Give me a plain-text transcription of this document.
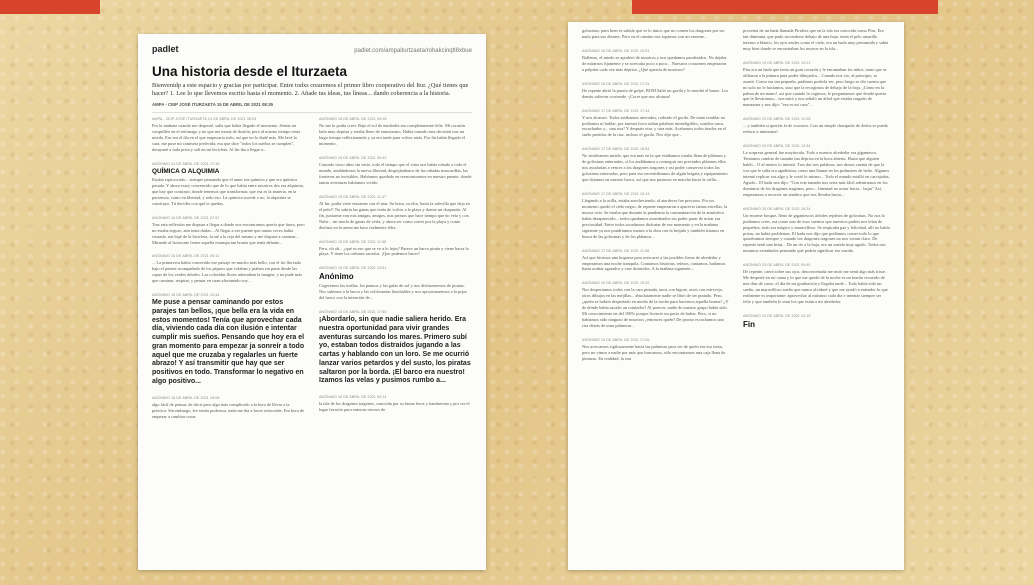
padlet	padlet.com/ampaiturtzaeta/rohakcinqtl8xbue
Una historia desde el Iturzaeta
Bienvenidp a este espacio y gracias por participar. Entre todxs crearemos el primer libro cooperativo del Itur. ¿Qué tienes que hacer? 1. Lee lo que llevemos escrito hasta el momento. 2. Añade tus ideas, tus líneas... dando coherencia a la historia.
AMPA - CEIP JOSÉ ITURZAETA 15 DE ABRIL DE 2021 08:35
AMPA - CEIP JOSÉ ITURZAETA 14 DE ABRIL DE 2021 08:03
Por la mañana cuando me desperté, salía que había llegado el momento. Sentía un cosquilleo en el estómago y no que me moría de ilusión, pero al mismo tiempo tenía miedo. Ese era el día en el que empezaría todo, así que no lo dudé más. Me lavé la cara, me puse mi camiseta preferida, esa que dice "todos los sueños se cumplen", desayuné a toda prisa y salí en mi bicicleta. Al fin iba a llegar a...
ANÓNIMO 14 DE ABRIL DE 2021 17:36
QUÍMICA O ALQUIMIA
Estaba equivocado... siempre pensando que el amor era química y que era química pasada. Y ahora estoy convencido que de lo que había entre nosotros dos era alquimia, que hay que construir, donde tenemos que transformar, que esa es la materia, en la paciencia, como en libertad, y todo eso. La química sucede o no, la alquimia se construye. Tú decides con qué te quedas.
ANÓNIMO 16 DE ABRIL DE 2021 07:57
Tras esta reflexión me dispuse a llegar a donde nos encontramos quería que fuera, pero no estaba seguro, aún tenía dudas... Al llegar a ese puente que tantas veces había cruzado, me bajé de la bicicleta, la até a la reja del mismo y me dispuse a caminar... Mirando al horizonte frente aquella estampa tan bonita que tenía delante...
ANÓNIMO 16 DE ABRIL DE 2021 09:11
... La primavera había convertido ese paisaje en mucho más bello, con el tío floreado bajo el puente acompañado de los pájaros que volaban y piaban sin parar desde las copas de los verdes árboles. Las coloridas flores adornaban la imagen, y no pude más que caminar, respirar, y pensar en cuan afortunado soy...
ANÓNIMO 16 DE ABRIL DE 2021 10:44
Me puse a pensar caminando por estos parajes tan bellos, ¡que bella era la vida en estos momentos! Tenía que aprovechar cada día, viviendo cada día con ilusión e intentar cumplir mis sueños. Pensando que hoy era el gran momento para empezar ja sonreír a todo aquel que me cruzaba y regalarles un fuerte abrazo! Y así transmitir que hay que ser positivos en todo. Transformar lo negativo en algo positivo...
ANÓNIMO 16 DE ABRIL DE 2021 18:08
algo fácil de pensar, de decir pero algo más complicado a la hora de llevar a la práctica. Sin embargo, lee sentía poderosa, nada me iba a hacer retroceder. Era hora de empezar a cambiar cosas
ANÓNIMO 15 DE ABRIL DE 2021 09:18
No me lo podía creer. Bajo el sol de mediodía era completamente feliz. Mi corazón latía muy deprisa y estaba lleno de entusiasmo. Había tomado esta decisión tras un largo tiempo reflexionando y ya era tarde para volver atrás. Por fin había llegado el momento.
ANÓNIMO 15 DE ABRIL DE 2021 09:42
Cansado cinco años sin verte, todo el tiempo que el virus nos había robado a todo el mundo, anulándonos la nueva libertad, despojándonos de las odiadas mascarillas, las fronteras no invisibles. Habíamos quedado en reencontrarnos en nuestro puente, donde tantas aventuras habíamos vivido.
ANÓNIMO 15 DE ABRIL DE 2021 11:37
Al fin, podía verte entrarme con el mar. Su brisa, su olor, hasta la salecilla que deja en el pelo!! No sabría las ganas que tenía de volver a la playa y darme un chapuzón. Al fin, juntarme con mis amigas, amigos, mis primos que hace tiempo que no veía y con Nube... mi morla de ganas de verla, y ahora ser como correr por la playa y como disfruta en la arena me hace realmente feliz.
ANÓNIMO 15 DE ABRIL DE 2021 11:58
Pero, oh oh... ¿qué es eso que se ve a lo lejos? Parece un barco pirata y viene hacia la playa. Y tiene los cañones sacados. ¡Que podemos hacer?
ANÓNIMO 15 DE ABRIL DE 2021 14:51
Anónimo
Cogeremos las toallas, los panuos y las gafas de sol y nos disfrazaremos de piratas. Nos subimos a la barca y las colchonetas hinchables y nos aproximaremos a la popa del barco con la intención de...
ANÓNIMO 15 DE ABRIL DE 2021 17:50
¡Abordarlo, sin que nadie saliera herido. Era nuestra oportunidad para vivir grandes aventuras surcando los mares. Primero subí yo, estaban todos distraídos jugando a las cartas y hablando con un loro. Se me ocurrió lanzar varios petardos y del susto, los piratas saltaron por la borda. ¡El barco era nuestro! Izamos las velas y pusimos rumbo a...
ANÓNIMO 16 DE ABRIL DE 2021 09:14
la isla de los dragones tragones, conocida por su fauna feroz y hambrienta y por ser el lugar favorito para enterrar tesoros de
golosinas; pues bien es sabido que es lo único que no comen los dragones por ser malo para sus dientes. Pero en el camino nos topamos con un enorme...
ANÓNIMO 16 DE ABRIL DE 2021 10:01
Ballenas, el miedo se apoderó de nosotros y nos quedamos paralizados. No dejaba de mirarnos fijamente y se acercaba poco a poco... Nuestros corazones empezaron a palpitar cada vez más deprisa. ¿Qué querría de nosotros?
ANÓNIMO 16 DE ABRIL DE 2021 17:24
De repente abrió la puerta de golpe. BOM Salió un gorila y le mordió el brazo. Los demás salieron corriendo -¡Corre que nos alcanza!
ANÓNIMO 17 DE ABRIL DE 2021 17:44
Y nos alcanzó. Todos estábamos aterrados, rodeado el gorila. De tanto temblar no podíamos ni hablar, por nuestra boca salían palabras ininteligibles, sonidos raros, escuchados y... una risa? Y después otra, y otra más. Acabamos todos tirados en el suelo partidos de la risa, incluso el gorila. Nos dijo que...
ANÓNIMO 17 DE ABRIL DE 2021 18:54
No sintiéramos miedo, que era más en la que estábamos estaba llena de plátanos y de golosinas enterradas, si los andábamos a conseguir sus preciados plátanos ellos nos ayudarían a vencer a los dragones tragones y así poder conservar todos las golosinas enterradas, pero para eso necesitábamos de algún brigata y equipamiento que dejamos en nuestro barco, así que nos pusimos en marcha hacia la orilla...
ANÓNIMO 17 DE ABRIL DE 2021 19:13
Llegando a la orilla, estaba anocheciendo, al atardecer fue precioso. Por un momento quedó el cielo negro, de repente empezaron a aparecer tantas estrellas, la mucsa veio. Se estaba que durante la pandemia la contaminación de la atmósfera había desaparecido... todos quedamos asombrados sin poder parar de mirar esa preciosidad. Entre todos acordamos disfrutar de ese momento y en la mañana siguiente ya nos pondríamos manos a la obra con la brújula y también iríamos en busca de las golosinas y de los plátanos...
ANÓNIMO 17 DE ABRIL DE 2021 11:08
Así que hicimos una hoguera para acercarse a las posibles fieras de alrededor y empezamos una noche tranquila. Contamos historias, reímos, cantamos, bailamos hasta acabar agotados y caer dormidos. A la mañana siguiente...
ANÓNIMO 19 DE ABRIL DE 2021 15:32
Nos despertamos todos con la cara pintada, unos con bigote, otros con estrecejo, otros dibujos en las mejillas... absolutamente nadie se libró de ser pintado. Pero, ¿quién se habría despertado en medio de la noche para hacernos aquella broma? ¿Y de dónde había sacado un rotulador? Al parecer, nadie de nuestro grupo había sido. Mi conocimiento en del 100% porque licencie un pacto de babas. Pero, si no habíamos sido ninguno de nosotros ¿entonces quién? De pronto escuchamos una risa detrás de unas palmeras...
ANÓNIMO 19 DE ABRIL DE 2021 17:55
Nos acercamos sigilosamente hacia las palmeras para ver de quién era esa risita, pero no vimos a nadie por más que buscamos, sólo encontramos una caja llena de pinturas. En realidad, la risa
provenía de un hada llamada Pirulera que en la isla era conocida como Piru. Era tan diminuta, que pudo esconderse debajo de una hoja. tenía el pelo amarillo intenso a blanco, los ojos azules como el cielo, era un hada muy presumida y sabía muy bien donde se encontraban los tesoros en la isla...
ANÓNIMO 19 DE ABRIL DE 2021 19:21
Piru era un hada que tenía un gran corazón y le encantaban los niños, tanto que se afiliaron a la pintura para poder dibujarlos... Cuando nos vio, al principio, se asustó. Como era tan pequeña, pudimos poderla ver, pero luego se dio cuenta que no solo no le hacíamos, sino que la recogimos de debajo de la hoja. ¡Cómo en la palma de mi mano!, así que cuando la cogimos, le preguntamos que donde quería que la lleváramos... nos miró y nos señaló un árbol que estaba cargado de manzanas y nos dijo: "esa es mi casa"...
ANÓNIMO 20 DE ABRIL DE 2021 12:08
... y también si queréis la de vosotros. Con un simple chasquido de dedos se puedo reducir a miniatura!
ANÓNIMO 20 DE ABRIL DE 2021 13:34
La sorpresa general fue mayúscula. Todo a nuestro alrededor era gigantesco. Teníamos cambio de tamaño tan deprisa en la boca abierta. Hasta que alguien habló... O al menos lo intentó. Tras dar tres palabras, nos dimos cuenta de que la voz que le salía era agudísima, como una llamar en los pulmones de helio. Algunos intentó replicar sus algo y le costó lo mismo... Todo el mundo estalló en carcajadas. Aguda... El hada nos dijo: "Con este tamaño nos sería más fácil adentrarnos en los dominios de los dragones tragones, pero... Intentad no mirar hacia... bajar" Así, empezamos a recorrer un sendero que nos llevaba hacia...
ANÓNIMO 20 DE ABRIL DE 2021 18:24
Un enorme bosque, lleno de gigantescos árboles repletos de golosinas. No nos lo podíamos creer, era como uno de esos cuentos que nuestros padres nos leían de pequeños, todo era mágico y maravilloso. Se respiraba paz y felicidad, allí no había prisas, no había problemas. El hada nos dijo que podíamos comer todo lo que quisiéramos siempre y cuando los dragones tragones no nos vieran claro. De repente sentí una brisa... De un tío a la hoja, era un sonido muy agudo. Todos nos miramos extrañados pensando qué podría significar ese sonido.
ANÓNIMO 23 DE ABRIL DE 2021 09:40
De repente, caerá sobre sus ojos, desconcertada me miró me sentí algo más triste. Me desperté en mi cama y lo que me quedó de la noche es un bonito recuerdo de mis días de curso, el día de mi graduación y llegaba tarde... Todo había sido un sueño, un maravilloso sueño que nunca olvidaré y que me ayudó a entender lo que realmente es importante: aprovechar al máximo cada día e intentar siempre ser feliz y que también lo sean los que están a mi alrededor.
ANÓNIMO 23 DE ABRIL DE 2021 10:19
Fin
